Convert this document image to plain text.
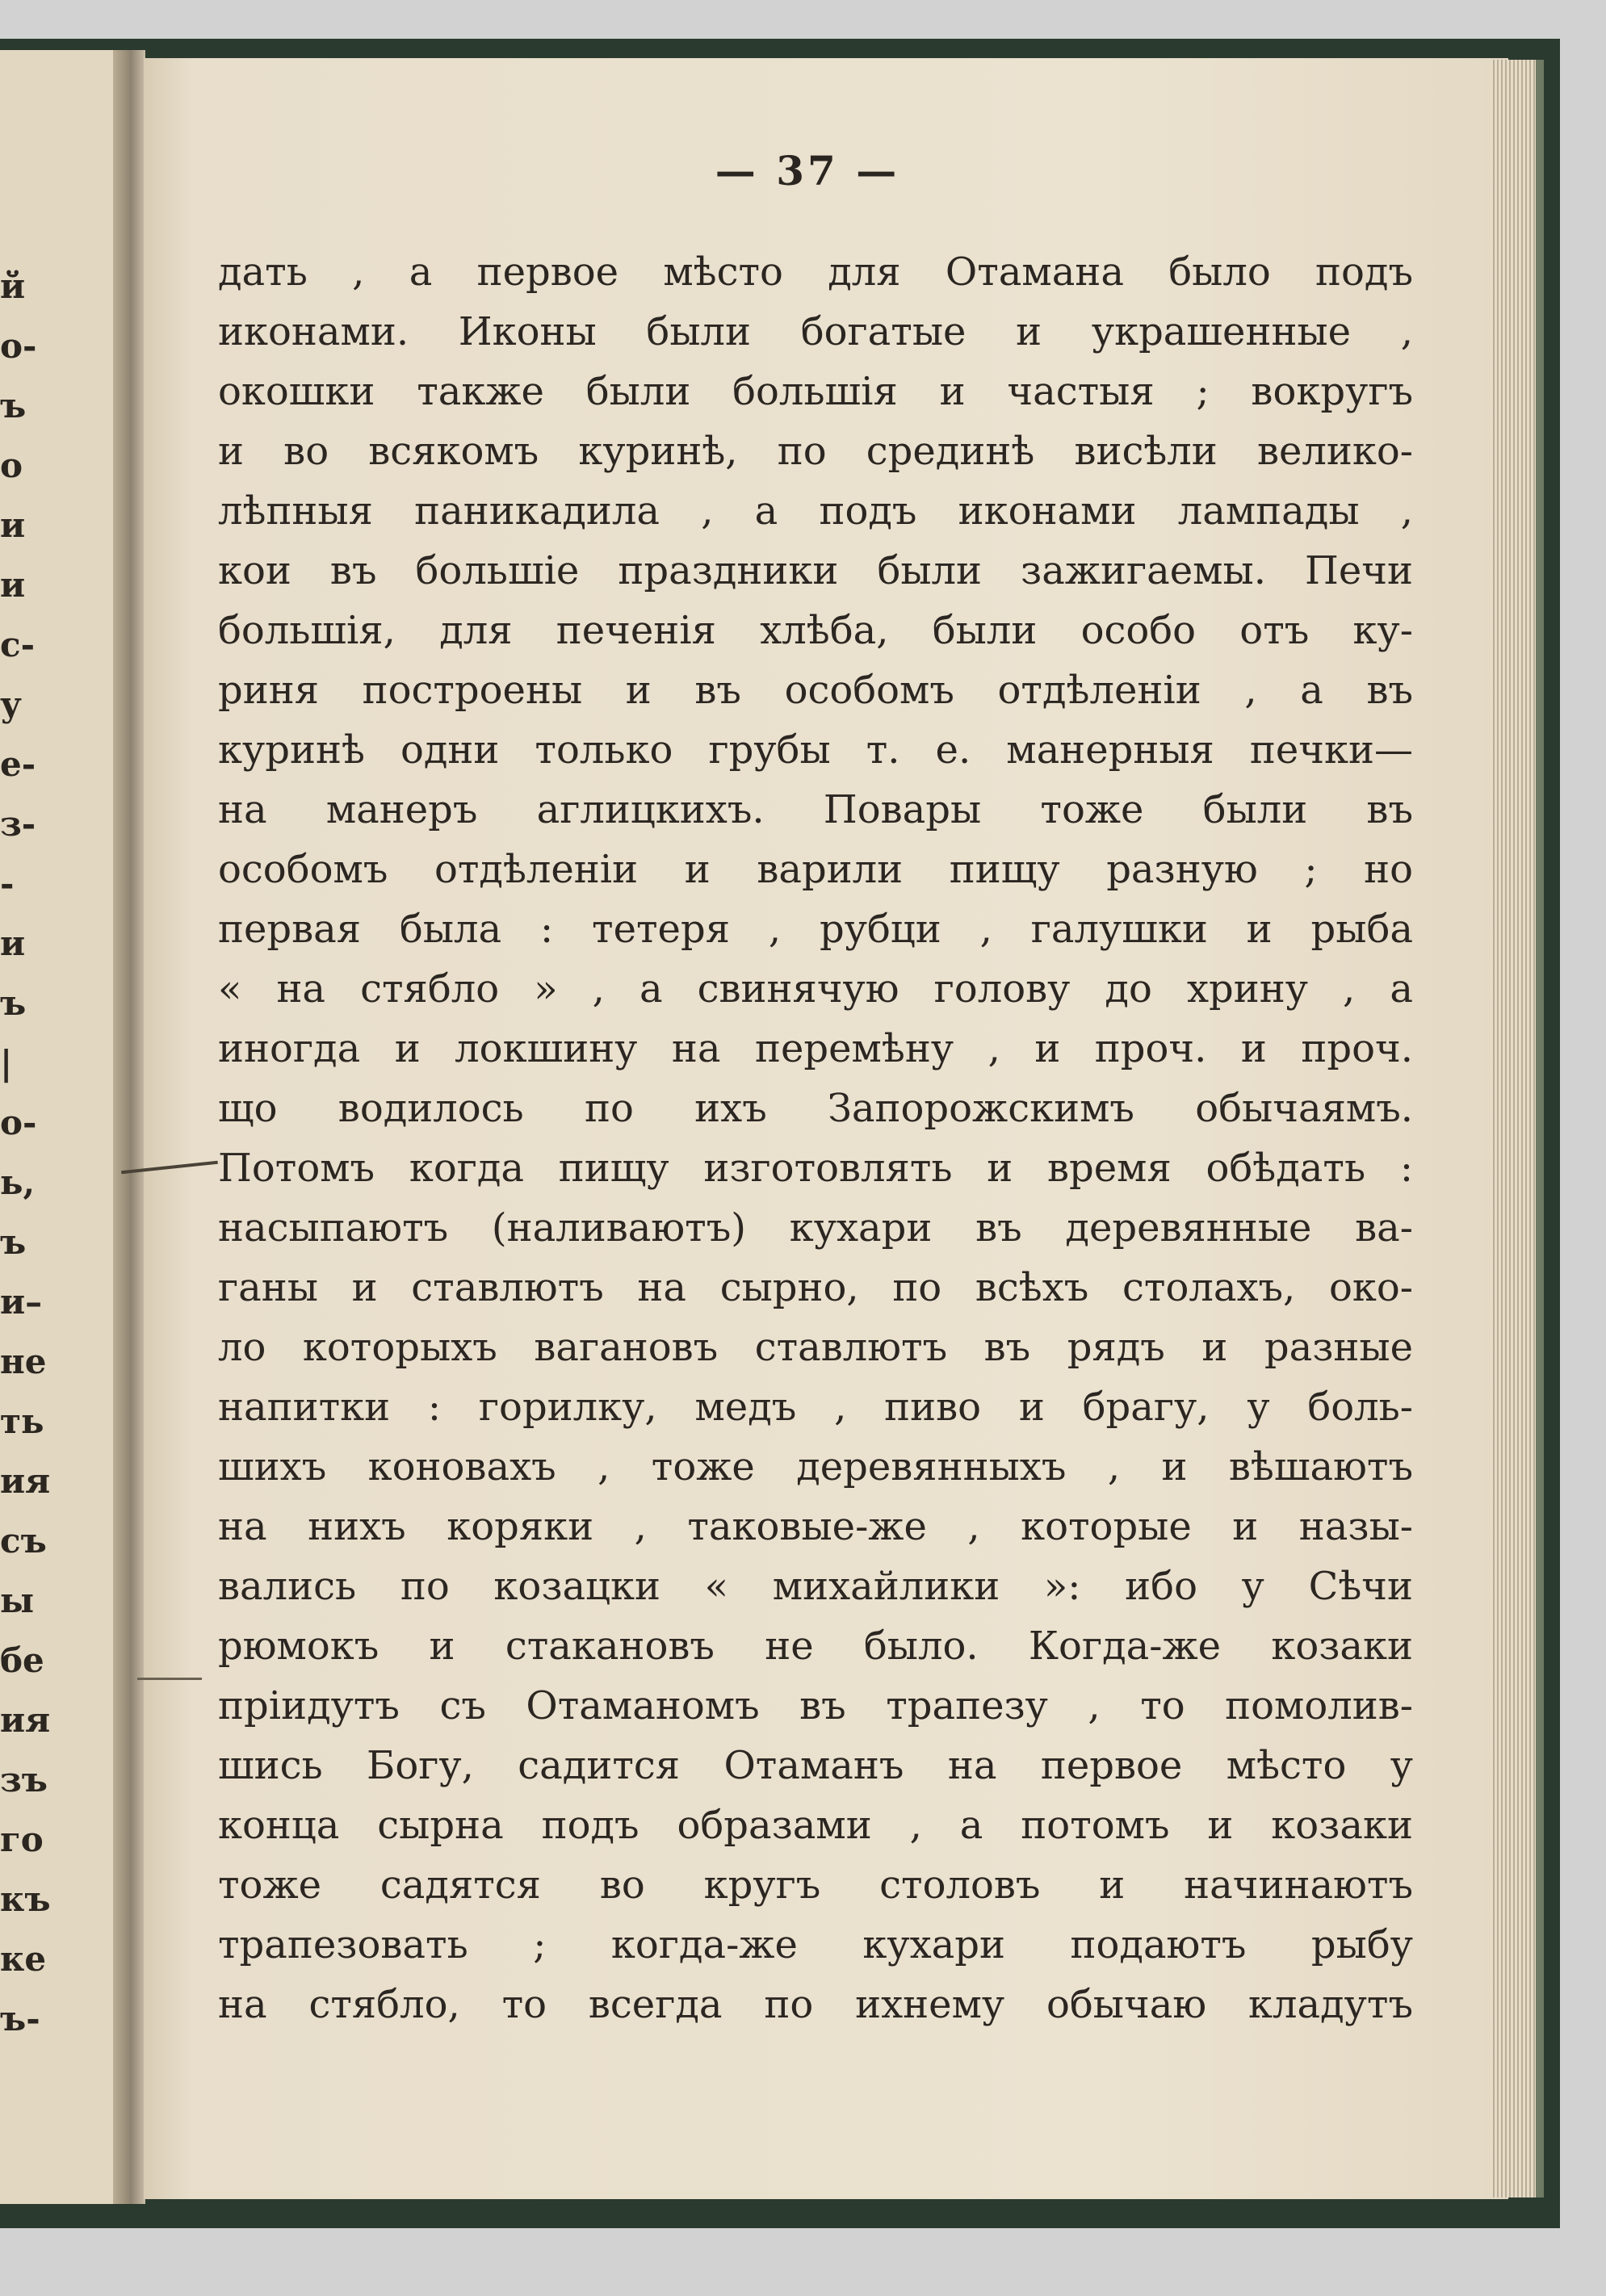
й
о-
ъ
о
и
и
с-
у
е-
з-
-
и
ъ
|
о-
ь,
ъ
и–
не
ть
ия
съ
ы
бе
ия
зъ
го
къ
ке
ъ-
— 37 —
дать , а первое мѣсто для Отамана было подъ
иконами. Иконы были богатые и украшенные ,
окошки также были большія и частыя ; вокругъ
и во всякомъ куринѣ, по срединѣ висѣли велико-
лѣпныя паникадила , а подъ иконами лампады ,
кои въ большіе праздники были зажигаемы. Печи
большія, для печенія хлѣба, были особо отъ ку-
риня построены и въ особомъ отдѣленіи , а въ
куринѣ одни только грубы т. е. манерныя печки—
на манеръ аглицкихъ. Повары тоже были въ
особомъ отдѣленіи и варили пищу разную ; но
первая была : тетеря , рубци , галушки и рыба
« на стябло » , а свинячую голову до хрину , а
иногда и локшину на перемѣну , и проч. и проч.
що водилось по ихъ Запорожскимъ обычаямъ.
Потомъ когда пищу изготовлять и время обѣдать :
насыпаютъ (наливаютъ) кухари въ деревянные ва-
ганы и ставлютъ на сырно, по всѣхъ столахъ, око-
ло которыхъ вагановъ ставлютъ въ рядъ и разные
напитки : горилку, медъ , пиво и брагу, у боль-
шихъ коновахъ , тоже деревянныхъ , и вѣшаютъ
на нихъ коряки , таковые-же , которые и назы-
вались по козацки « михайлики »: ибо у Сѣчи
рюмокъ и стакановъ не было. Когда-же козаки
пріидутъ съ Отаманомъ въ трапезу , то помолив-
шись Богу, садится Отаманъ на первое мѣсто у
конца сырна подъ образами , а потомъ и козаки
тоже садятся во кругъ столовъ и начинаютъ
трапезовать ; когда-же кухари подаютъ рыбу
на стябло, то всегда по ихнему обычаю кладутъ
